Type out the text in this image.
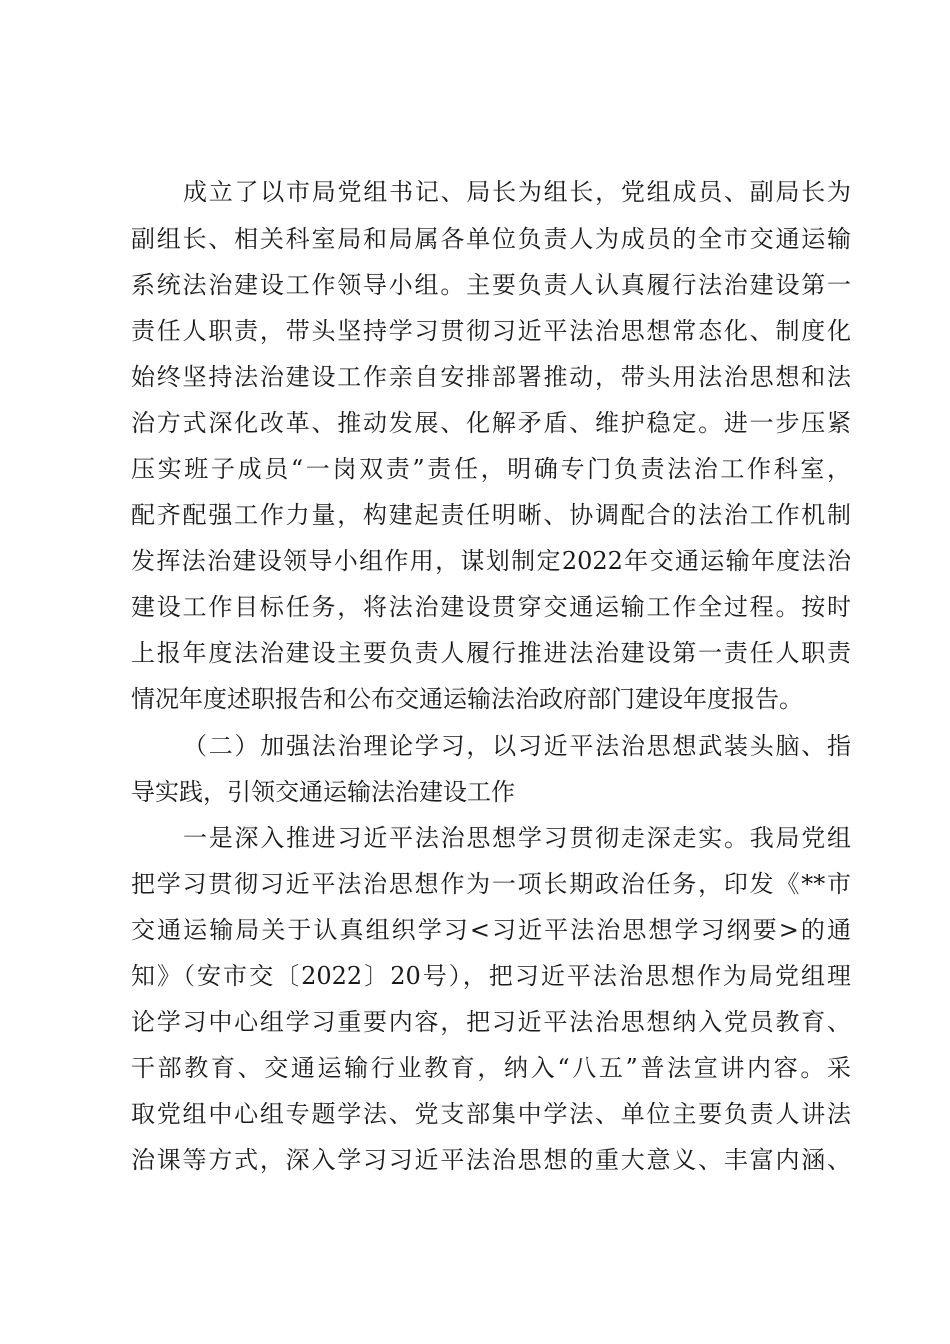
成立了以市局党组书记、局长为组长，党组成员、副局长为
副组长、相关科室局和局属各单位负责人为成员的全市交通运输
系统法治建设工作领导小组。主要负责人认真履行法治建设第一
责任人职责，带头坚持学习贯彻习近平法治思想常态化、制度化
始终坚持法治建设工作亲自安排部署推动，带头用法治思想和法
治方式深化改革、推动发展、化解矛盾、维护稳定。进一步压紧
压实班子成员“一岗双责”责任，明确专门负责法治工作科室，
配齐配强工作力量，构建起责任明晰、协调配合的法治工作机制
发挥法治建设领导小组作用，谋划制定2022年交通运输年度法治
建设工作目标任务，将法治建设贯穿交通运输工作全过程。按时
上报年度法治建设主要负责人履行推进法治建设第一责任人职责
情况年度述职报告和公布交通运输法治政府部门建设年度报告。
（二）加强法治理论学习，以习近平法治思想武装头脑、指
导实践，引领交通运输法治建设工作
一是深入推进习近平法治思想学习贯彻走深走实。我局党组
把学习贯彻习近平法治思想作为一项长期政治任务，印发《**市
交通运输局关于认真组织学习<习近平法治思想学习纲要>的通
知》（安市交〔2022〕20号），把习近平法治思想作为局党组理
论学习中心组学习重要内容，把习近平法治思想纳入党员教育、
干部教育、交通运输行业教育，纳入“八五”普法宣讲内容。采
取党组中心组专题学法、党支部集中学法、单位主要负责人讲法
治课等方式，深入学习习近平法治思想的重大意义、丰富内涵、
